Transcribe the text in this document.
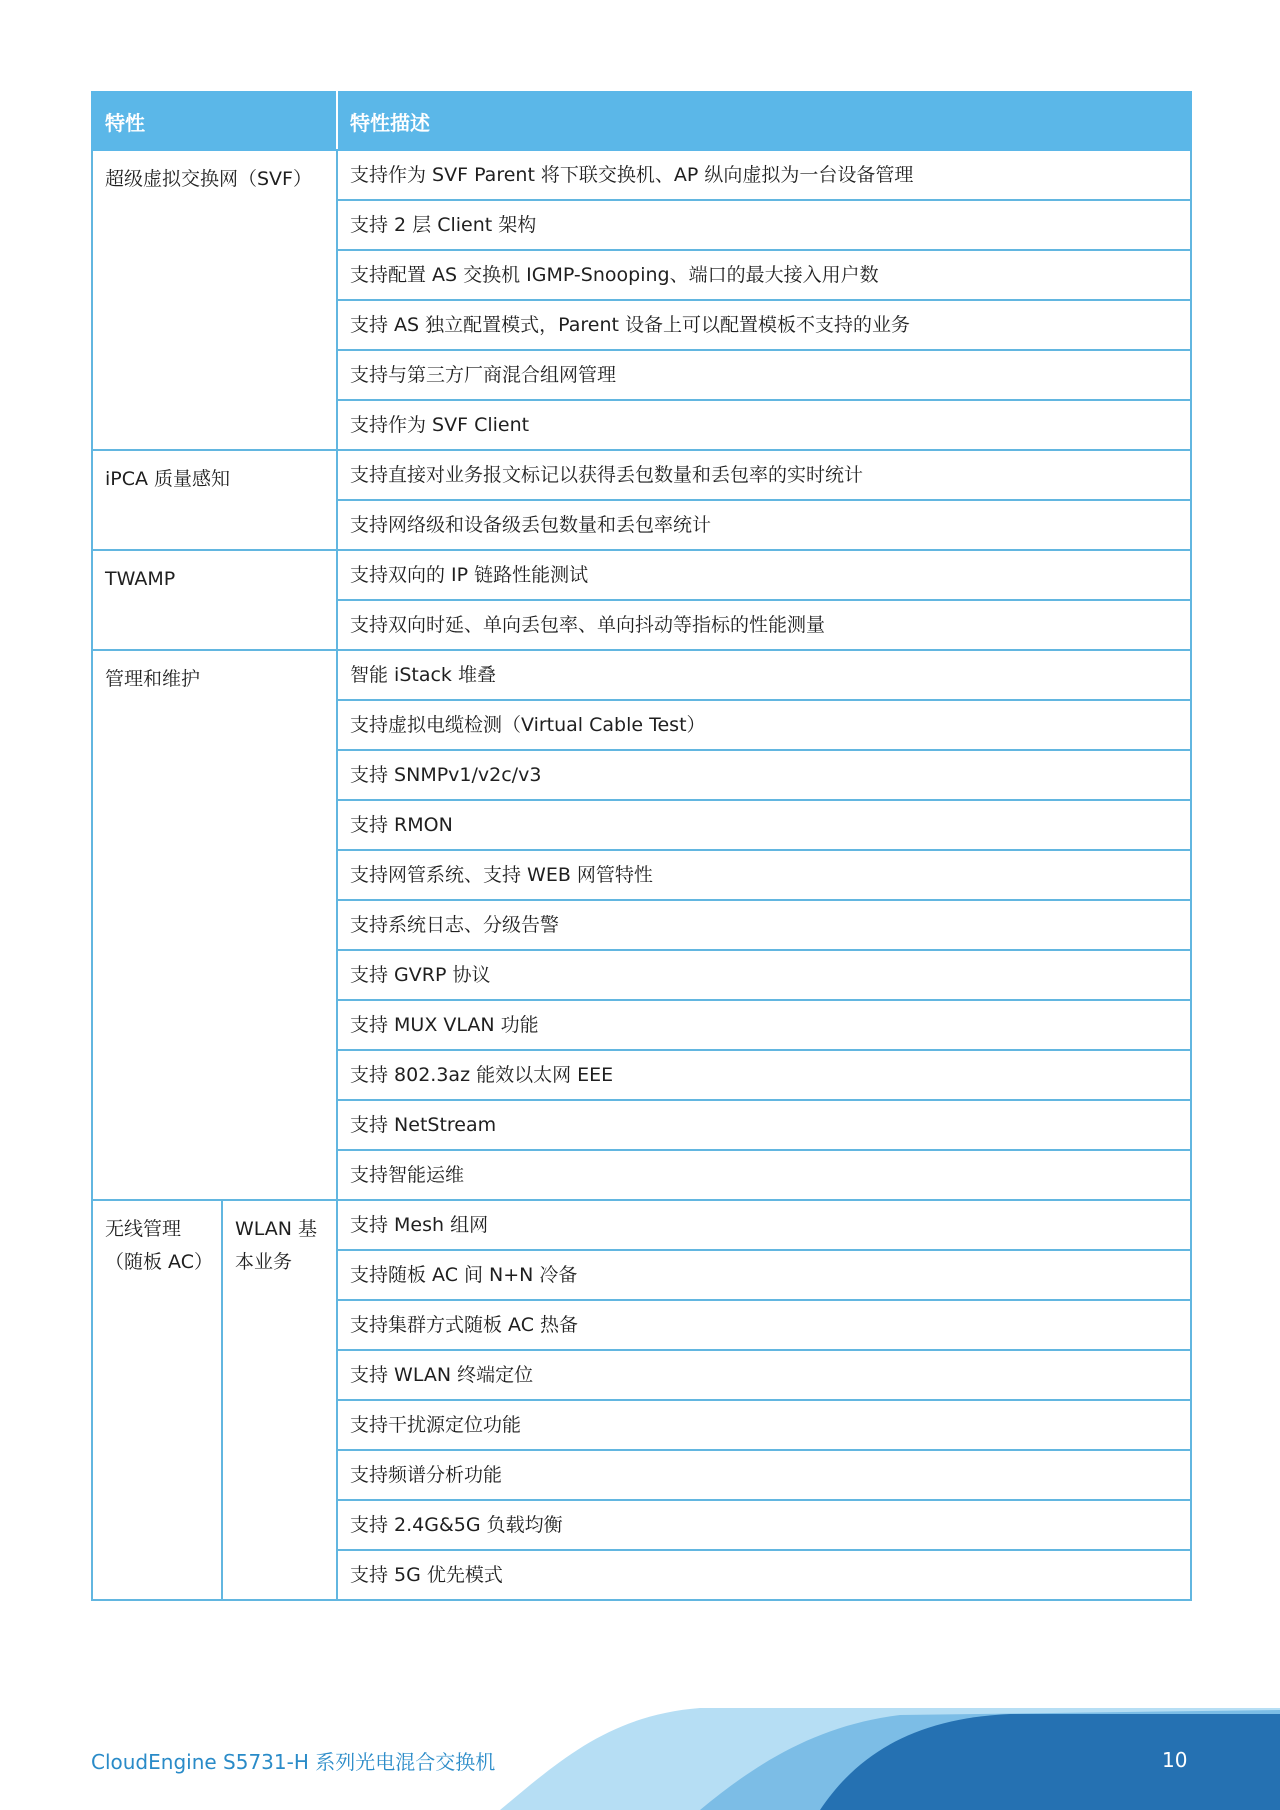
特性		特性描述
超级虚拟交换网（SVF）		支持作为 SVF Parent 将下联交换机、AP 纵向虚拟为一台设备管理
		支持 2 层 Client 架构
		支持配置 AS 交换机 IGMP-Snooping、端口的最大接入用户数
		支持 AS 独立配置模式，Parent 设备上可以配置模板不支持的业务
		支持与第三方厂商混合组网管理
		支持作为 SVF Client
iPCA 质量感知		支持直接对业务报文标记以获得丢包数量和丢包率的实时统计
		支持网络级和设备级丢包数量和丢包率统计
TWAMP		支持双向的 IP 链路性能测试
		支持双向时延、单向丢包率、单向抖动等指标的性能测量
管理和维护		智能 iStack 堆叠
		支持虚拟电缆检测（Virtual Cable Test）
		支持 SNMPv1/v2c/v3
		支持 RMON
		支持网管系统、支持 WEB 网管特性
		支持系统日志、分级告警
		支持 GVRP 协议
		支持 MUX VLAN 功能
		支持 802.3az 能效以太网 EEE
		支持 NetStream
		支持智能运维
无线管理（随板 AC）	WLAN 基本业务	支持 Mesh 组网
		支持随板 AC 间 N+N 冷备
		支持集群方式随板 AC 热备
		支持 WLAN 终端定位
		支持干扰源定位功能
		支持频谱分析功能
		支持 2.4G&5G 负载均衡
		支持 5G 优先模式
CloudEngine S5731-H 系列光电混合交换机	10
